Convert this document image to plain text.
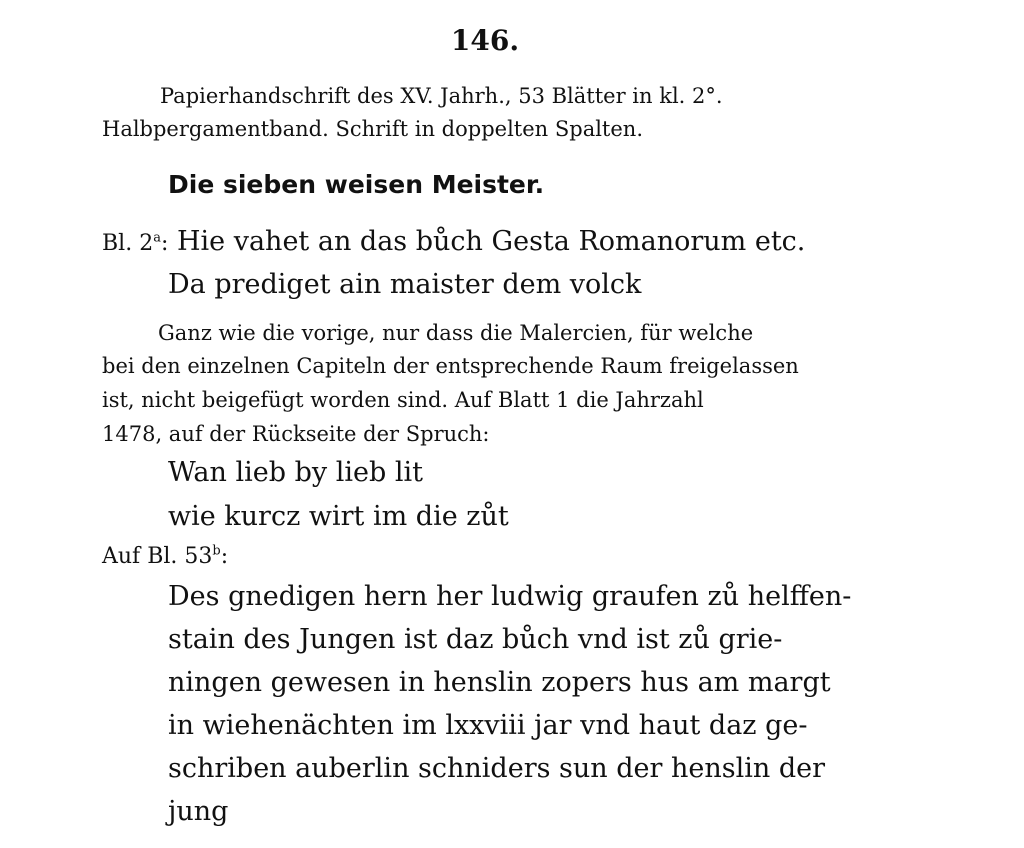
146.
Papierhandschrift des XV. Jahrh., 53 Blätter in kl. 2°.
Halbpergamentband. Schrift in doppelten Spalten.
Die sieben weisen Meister.
Bl. 2$^a$: Hie vahet an das bůch Gesta Romanorum etc.
Da prediget ain maister dem volck
Ganz wie die vorige, nur dass die Malercien, für welche
bei den einzelnen Capiteln der entsprechende Raum freigelassen
ist, nicht beigefügt worden sind. Auf Blatt 1 die Jahrzahl
1478, auf der Rückseite der Spruch:
Wan lieb by lieb lit
wie kurcz wirt im die zůt
Auf Bl. 53$^b$:
Des gnedigen hern her ludwig graufen zů helffen-
stain des Jungen ist daz bůch vnd ist zů grie-
ningen gewesen in henslin zopers hus am margt
in wiehenächten im lxxviii jar vnd haut daz ge-
schriben auberlin schniders sun der henslin der
jung
